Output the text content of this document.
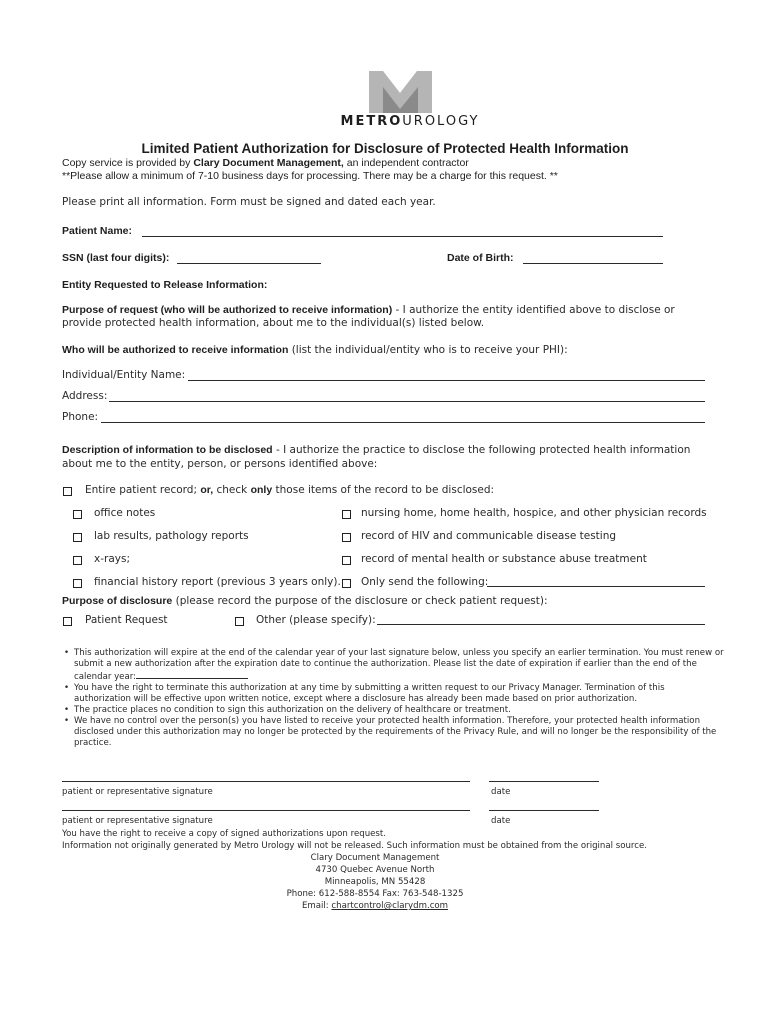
METROUROLOGY
Limited Patient Authorization for Disclosure of Protected Health Information
Copy service is provided by Clary Document Management, an independent contractor
**Please allow a minimum of 7-10 business days for processing. There may be a charge for this request. **
Please print all information. Form must be signed and dated each year.
Patient Name:
SSN (last four digits):	Date of Birth:
Entity Requested to Release Information:
Purpose of request (who will be authorized to receive information) - I authorize the entity identified above to disclose or
provide protected health information, about me to the individual(s) listed below.
Who will be authorized to receive information (list the individual/entity who is to receive your PHI):
Individual/Entity Name:
Address:
Phone:
Description of information to be disclosed - I authorize the practice to disclose the following protected health information
about me to the entity, person, or persons identified above:
Entire patient record; or, check only those items of the record to be disclosed:
office notes	nursing home, home health, hospice, and other physician records
lab results, pathology reports	record of HIV and communicable disease testing
x-rays;	record of mental health or substance abuse treatment
financial history report (previous 3 years only). Only send the following:
Purpose of disclosure (please record the purpose of the disclosure or check patient request):
Patient Request	Other (please specify):
• This authorization will expire at the end of the calendar year of your last signature below, unless you specify an earlier termination. You must renew or submit a new authorization after the expiration date to continue the authorization. Please list the date of expiration if earlier than the end of the calendar year:
• You have the right to terminate this authorization at any time by submitting a written request to our Privacy Manager. Termination of this authorization will be effective upon written notice, except where a disclosure has already been made based on prior authorization.
• The practice places no condition to sign this authorization on the delivery of healthcare or treatment.
• We have no control over the person(s) you have listed to receive your protected health information. Therefore, your protected health information disclosed under this authorization may no longer be protected by the requirements of the Privacy Rule, and will no longer be the responsibility of the practice.
patient or representative signature	date
patient or representative signature	date
You have the right to receive a copy of signed authorizations upon request.
Information not originally generated by Metro Urology will not be released. Such information must be obtained from the original source.
Clary Document Management
4730 Quebec Avenue North
Minneapolis, MN 55428
Phone: 612-588-8554 Fax: 763-548-1325
Email: chartcontrol@clarydm.com
